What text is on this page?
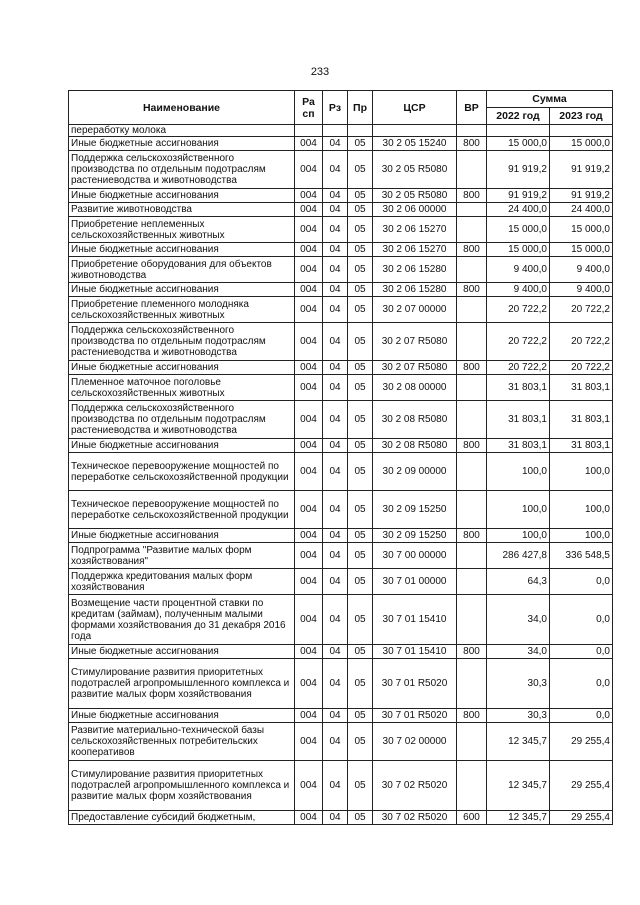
233
Наименование	Ра сп	Рз	Пр	ЦСР	ВР	Сумма	
						2022 год	2023 год
переработку молока							
Иные бюджетные ассигнования	004	04	05	30 2 05 15240	800	15 000,0	15 000,0
Поддержка сельскохозяйственного производства по отдельным подотраслям растениеводства и животноводства	004	04	05	30 2 05 R5080		91 919,2	91 919,2
Иные бюджетные ассигнования	004	04	05	30 2 05 R5080	800	91 919,2	91 919,2
Развитие животноводства	004	04	05	30 2 06 00000		24 400,0	24 400,0
Приобретение неплеменных сельскохозяйственных животных	004	04	05	30 2 06 15270		15 000,0	15 000,0
Иные бюджетные ассигнования	004	04	05	30 2 06 15270	800	15 000,0	15 000,0
Приобретение оборудования для объектов животноводства	004	04	05	30 2 06 15280		9 400,0	9 400,0
Иные бюджетные ассигнования	004	04	05	30 2 06 15280	800	9 400,0	9 400,0
Приобретение племенного молодняка сельскохозяйственных животных	004	04	05	30 2 07 00000		20 722,2	20 722,2
Поддержка сельскохозяйственного производства по отдельным подотраслям растениеводства и животноводства	004	04	05	30 2 07 R5080		20 722,2	20 722,2
Иные бюджетные ассигнования	004	04	05	30 2 07 R5080	800	20 722,2	20 722,2
Племенное маточное поголовье сельскохозяйственных животных	004	04	05	30 2 08 00000		31 803,1	31 803,1
Поддержка сельскохозяйственного производства по отдельным подотраслям растениеводства и животноводства	004	04	05	30 2 08 R5080		31 803,1	31 803,1
Иные бюджетные ассигнования	004	04	05	30 2 08 R5080	800	31 803,1	31 803,1
Техническое перевооружение мощностей по переработке сельскохозяйственной продукции	004	04	05	30 2 09 00000		100,0	100,0
Техническое перевооружение мощностей по переработке сельскохозяйственной продукции	004	04	05	30 2 09 15250		100,0	100,0
Иные бюджетные ассигнования	004	04	05	30 2 09 15250	800	100,0	100,0
Подпрограмма "Развитие малых форм хозяйствования"	004	04	05	30 7 00 00000		286 427,8	336 548,5
Поддержка кредитования малых форм хозяйствования	004	04	05	30 7 01 00000		64,3	0,0
Возмещение части процентной ставки по кредитам (займам), полученным малыми формами хозяйствования до 31 декабря 2016 года	004	04	05	30 7 01 15410		34,0	0,0
Иные бюджетные ассигнования	004	04	05	30 7 01 15410	800	34,0	0,0
Стимулирование развития приоритетных подотраслей агропромышленного комплекса и развитие малых форм хозяйствования	004	04	05	30 7 01 R5020		30,3	0,0
Иные бюджетные ассигнования	004	04	05	30 7 01 R5020	800	30,3	0,0
Развитие материально-технической базы сельскохозяйственных потребительских кооперативов	004	04	05	30 7 02 00000		12 345,7	29 255,4
Стимулирование развития приоритетных подотраслей агропромышленного комплекса и развитие малых форм хозяйствования	004	04	05	30 7 02 R5020		12 345,7	29 255,4
Предоставление субсидий бюджетным,	004	04	05	30 7 02 R5020	600	12 345,7	29 255,4
